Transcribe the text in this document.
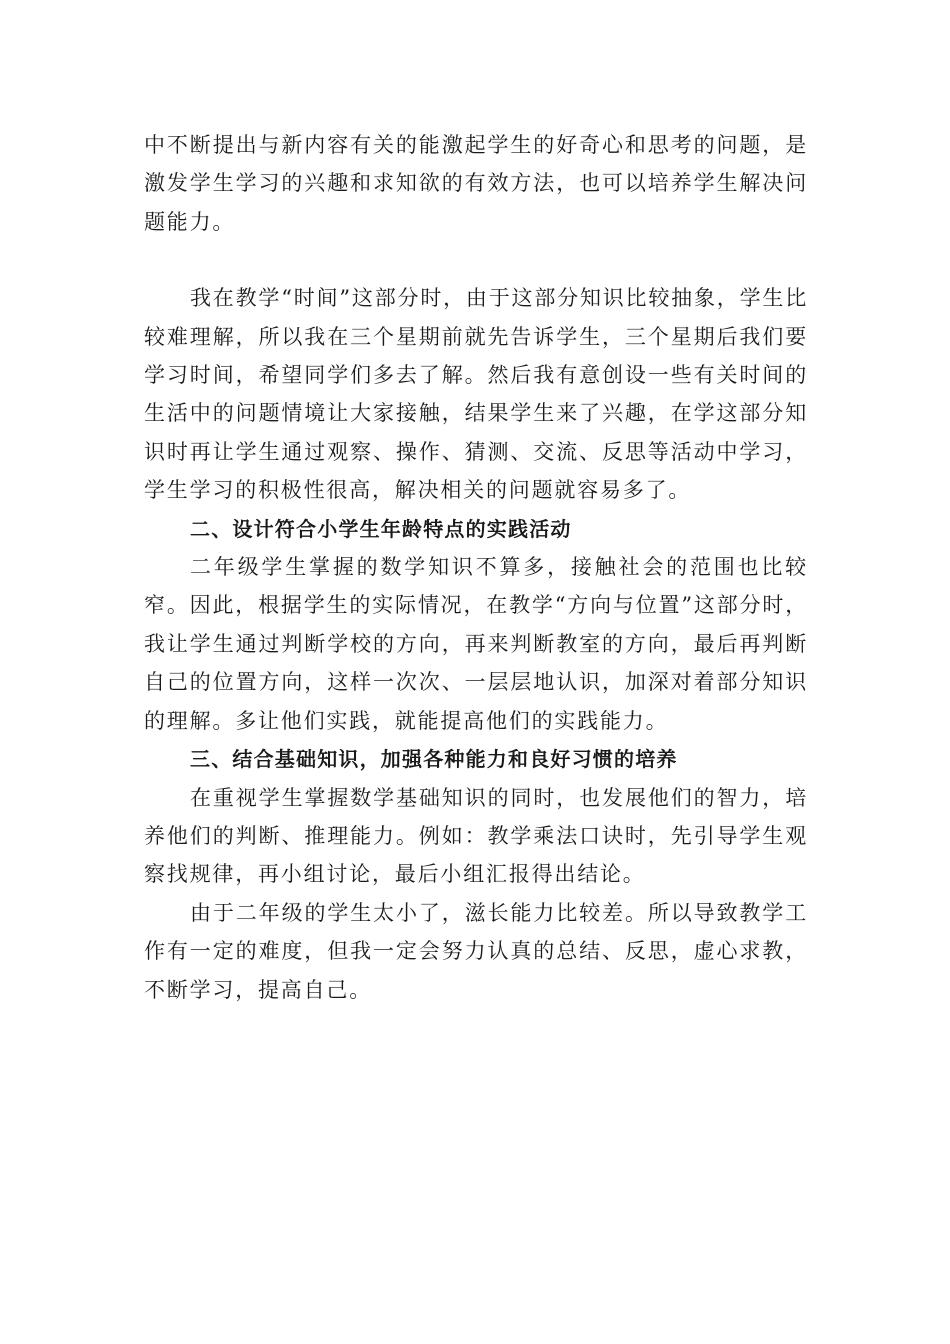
中不断提出与新内容有关的能激起学生的好奇心和思考的问题，是激发学生学习的兴趣和求知欲的有效方法，也可以培养学生解决问题能力。

我在教学“时间”这部分时，由于这部分知识比较抽象，学生比较难理解，所以我在三个星期前就先告诉学生，三个星期后我们要学习时间，希望同学们多去了解。然后我有意创设一些有关时间的生活中的问题情境让大家接触，结果学生来了兴趣，在学这部分知识时再让学生通过观察、操作、猜测、交流、反思等活动中学习，学生学习的积极性很高，解决相关的问题就容易多了。

二、设计符合小学生年龄特点的实践活动

二年级学生掌握的数学知识不算多，接触社会的范围也比较窄。因此，根据学生的实际情况，在教学“方向与位置”这部分时，我让学生通过判断学校的方向，再来判断教室的方向，最后再判断自己的位置方向，这样一次次、一层层地认识，加深对着部分知识的理解。多让他们实践，就能提高他们的实践能力。

三、结合基础知识，加强各种能力和良好习惯的培养

在重视学生掌握数学基础知识的同时，也发展他们的智力，培养他们的判断、推理能力。例如：教学乘法口诀时，先引导学生观察找规律，再小组讨论，最后小组汇报得出结论。

由于二年级的学生太小了，滋长能力比较差。所以导致教学工作有一定的难度，但我一定会努力认真的总结、反思，虚心求教，不断学习，提高自己。
